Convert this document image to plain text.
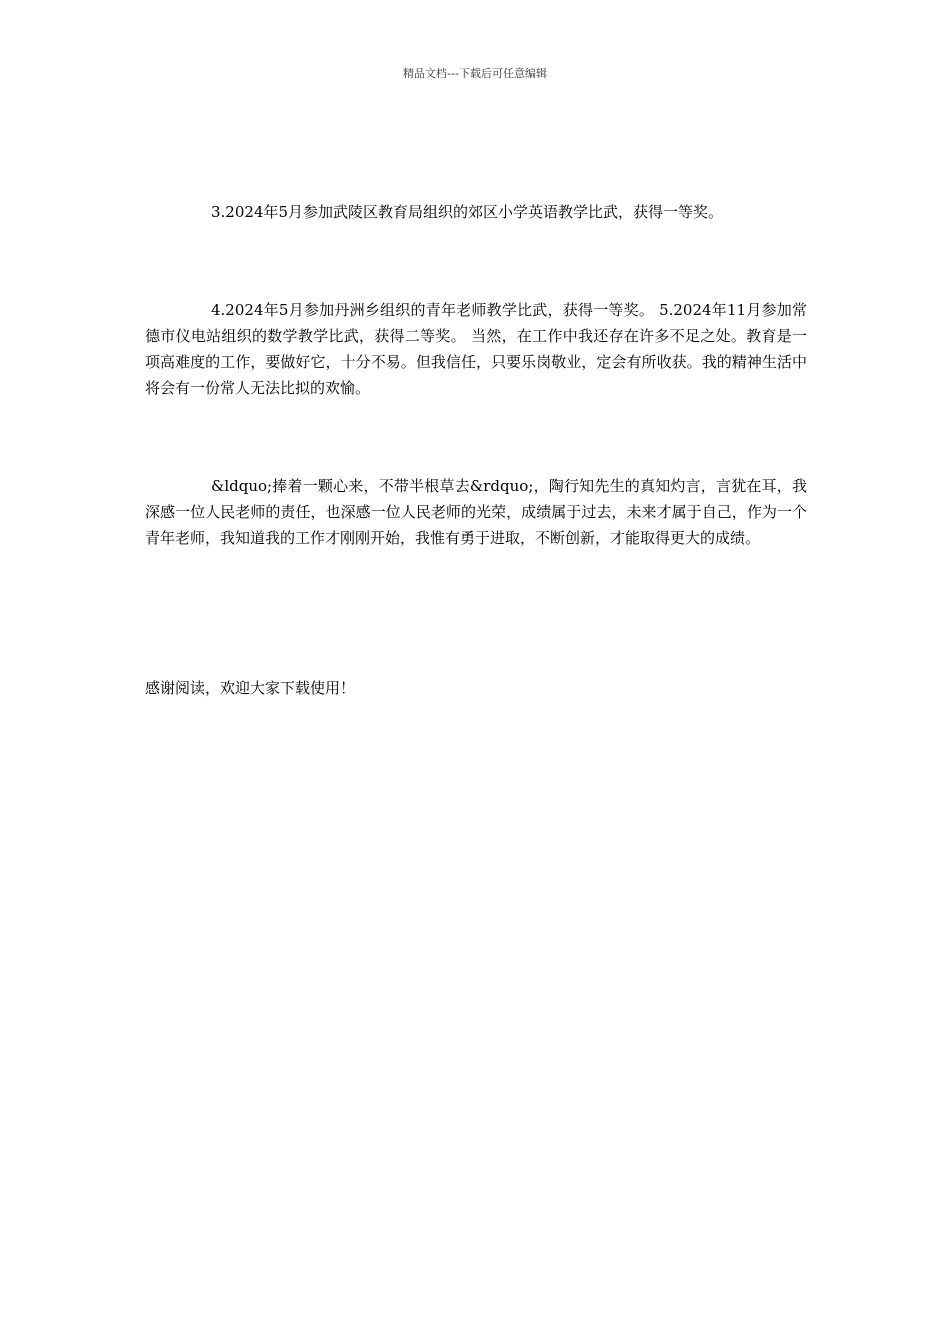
精品文档---下载后可任意编辑

3.2024年5月参加武陵区教育局组织的郊区小学英语教学比武，获得一等奖。

4.2024年5月参加丹洲乡组织的青年老师教学比武，获得一等奖。 5.2024年11月参加常德市仪电站组织的数学教学比武，获得二等奖。 当然，在工作中我还存在许多不足之处。教育是一项高难度的工作，要做好它，十分不易。但我信任，只要乐岗敬业，定会有所收获。我的精神生活中将会有一份常人无法比拟的欢愉。

&ldquo;捧着一颗心来，不带半根草去&rdquo;，陶行知先生的真知灼言，言犹在耳，我深感一位人民老师的责任，也深感一位人民老师的光荣，成绩属于过去，未来才属于自己，作为一个青年老师，我知道我的工作才刚刚开始，我惟有勇于进取，不断创新，才能取得更大的成绩。

感谢阅读，欢迎大家下载使用！
